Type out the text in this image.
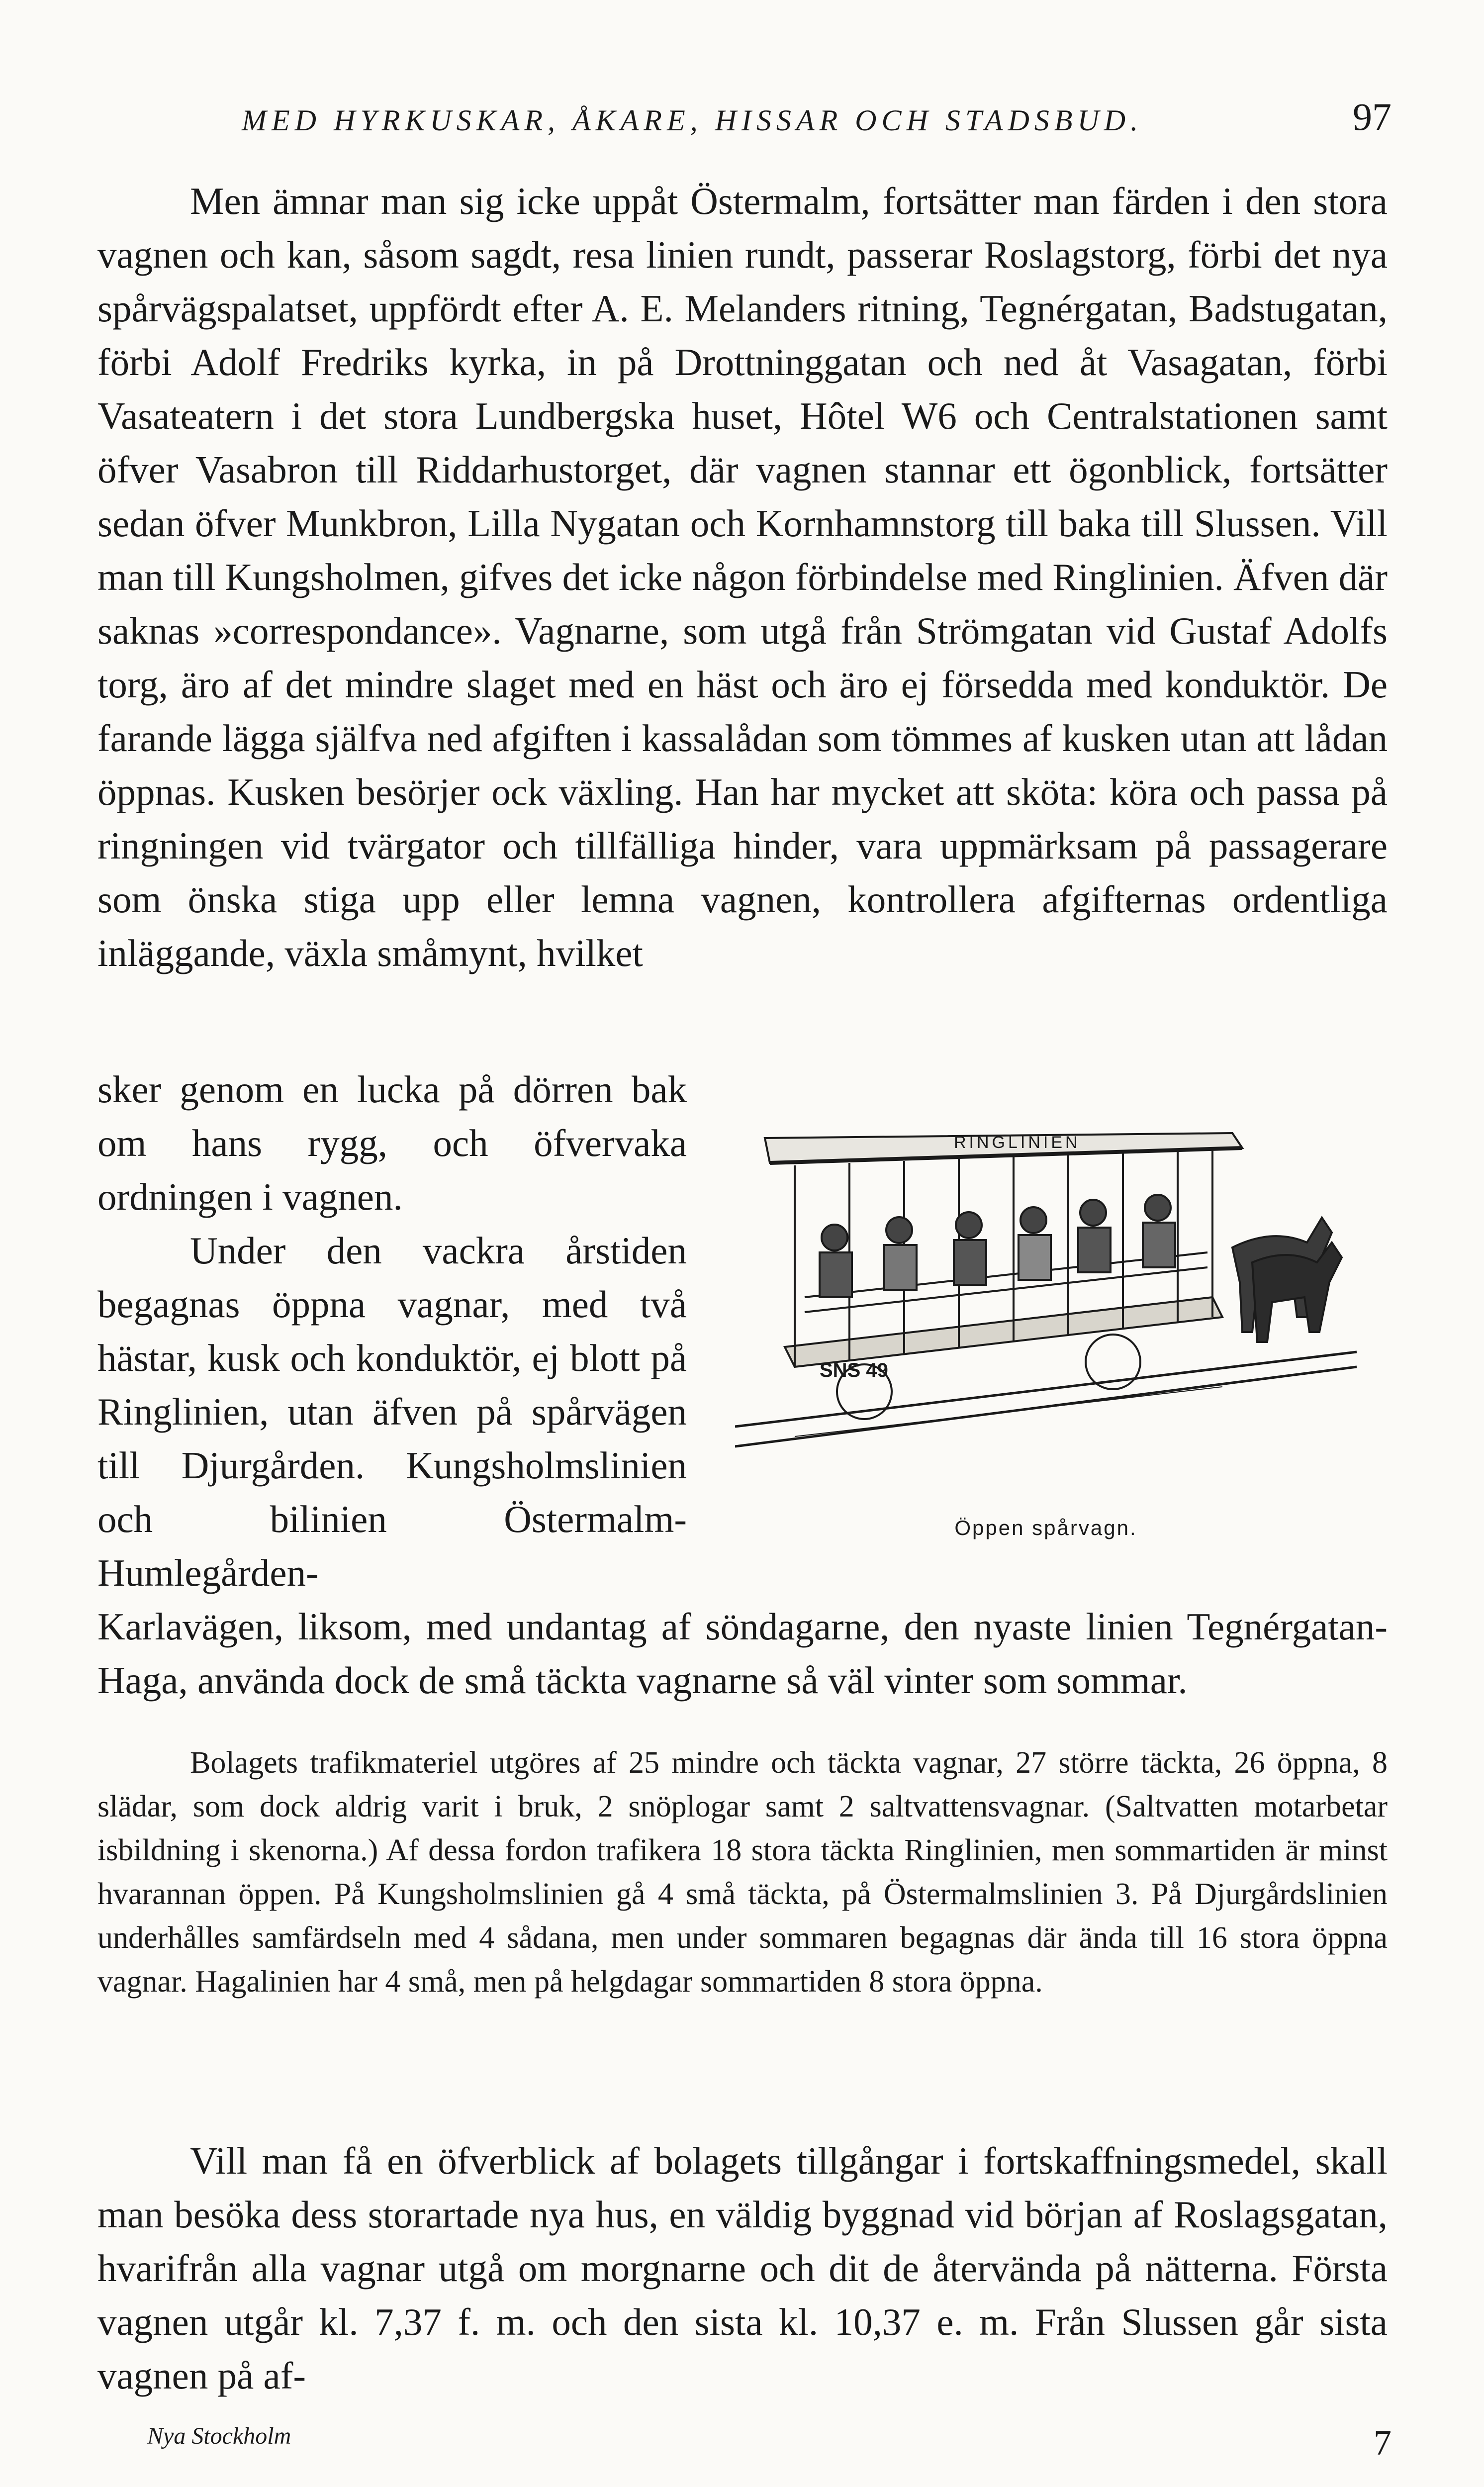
MED HYRKUSKAR, ÅKARE, HISSAR OCH STADSBUD.	97

Men ämnar man sig icke uppåt Östermalm, fortsätter man färden i den stora vagnen och kan, såsom sagdt, resa linien rundt, passerar Roslagstorg, förbi det nya spårvägspalatset, uppfördt efter A. E. Melanders ritning, Tegnérgatan, Badstugatan, förbi Adolf Fredriks kyrka, in på Drottninggatan och ned åt Vasagatan, förbi Vasateatern i det stora Lundbergska huset, Hôtel W6 och Centralstationen samt öfver Vasabron till Riddarhustorget, där vagnen stannar ett ögonblick, fortsätter sedan öfver Munkbron, Lilla Nygatan och Kornhamnstorg till baka till Slussen. Vill man till Kungsholmen, gifves det icke någon förbindelse med Ringlinien. Äfven där saknas »correspondance». Vagnarne, som utgå från Strömgatan vid Gustaf Adolfs torg, äro af det mindre slaget med en häst och äro ej försedda med konduktör. De farande lägga själfva ned afgiften i kassalådan som tömmes af kusken utan att lådan öppnas. Kusken besörjer ock växling. Han har mycket att sköta: köra och passa på ringningen vid tvärgator och tillfälliga hinder, vara uppmärksam på passagerare som önska stiga upp eller lemna vagnen, kontrollera afgifternas ordentliga inläggande, växla småmynt, hvilket

sker genom en lucka på dörren bak om hans rygg, och öfvervaka ordningen i vagnen.

Under den vackra årstiden begagnas öppna vagnar, med två hästar, kusk och konduktör, ej blott på Ringlinien, utan äfven på spårvägen till Djurgården. Kungsholmslinien och bilinien Östermalm-Humlegården-

Karlavägen, liksom, med undantag af söndagarne, den nyaste linien Tegnérgatan-Haga, använda dock de små täckta vagnarne så väl vinter som sommar.

RINGLINIEN
SNS 49
Öppen spårvagn.

Bolagets trafikmateriel utgöres af 25 mindre och täckta vagnar, 27 större täckta, 26 öppna, 8 slädar, som dock aldrig varit i bruk, 2 snöplogar samt 2 saltvattensvagnar. (Saltvatten motarbetar isbildning i skenorna.) Af dessa fordon trafikera 18 stora täckta Ringlinien, men sommartiden är minst hvarannan öppen. På Kungsholmslinien gå 4 små täckta, på Östermalmslinien 3. På Djurgårdslinien underhålles samfärdseln med 4 sådana, men under sommaren begagnas där ända till 16 stora öppna vagnar. Hagalinien har 4 små, men på helgdagar sommartiden 8 stora öppna.

Vill man få en öfverblick af bolagets tillgångar i fortskaffningsmedel, skall man besöka dess storartade nya hus, en väldig byggnad vid början af Roslagsgatan, hvarifrån alla vagnar utgå om morgnarne och dit de återvända på nätterna. Första vagnen utgår kl. 7,37 f. m. och den sista kl. 10,37 e. m. Från Slussen går sista vagnen på af-

Nya Stockholm	7
